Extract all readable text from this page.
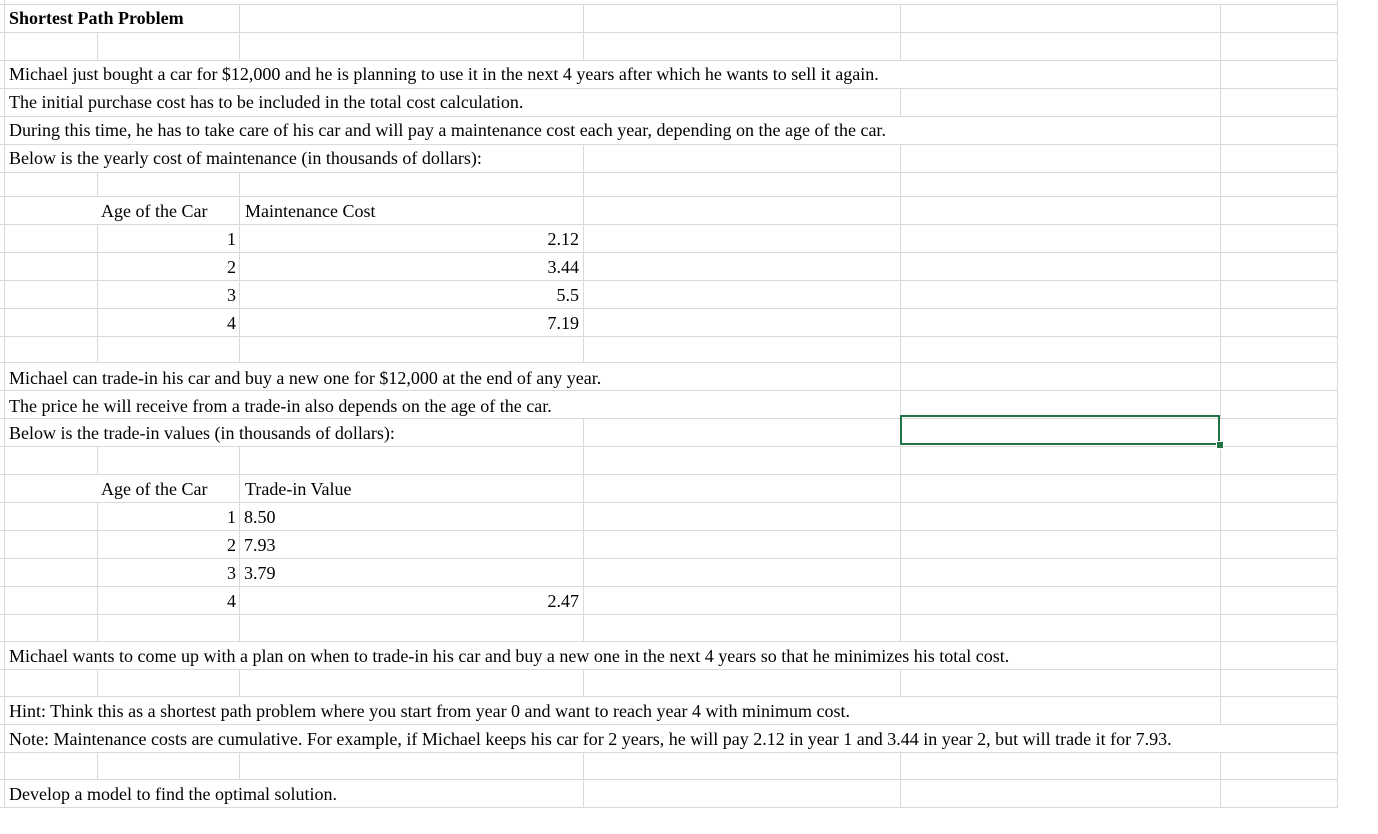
Shortest Path Problem
Michael just bought a car for $12,000 and he is planning to use it in the next 4 years after which he wants to sell it again.
The initial purchase cost has to be included in the total cost calculation.
During this time, he has to take care of his car and will pay a maintenance cost each year, depending on the age of the car.
Below is the yearly cost of maintenance (in thousands of dollars):
Age of the Car Maintenance Cost
1	2.12
2	3.44
3	5.5
4	7.19
Michael can trade-in his car and buy a new one for $12,000 at the end of any year.
The price he will receive from a trade-in also depends on the age of the car.
Below is the trade-in values (in thousands of dollars):
Age of the Car Trade-in Value
1 8.50
2 7.93
3 3.79
4	2.47
Michael wants to come up with a plan on when to trade-in his car and buy a new one in the next 4 years so that he minimizes his total cost.
Hint: Think this as a shortest path problem where you start from year 0 and want to reach year 4 with minimum cost.
Note: Maintenance costs are cumulative. For example, if Michael keeps his car for 2 years, he will pay 2.12 in year 1 and 3.44 in year 2, but will trade it for 7.93.
Develop a model to find the optimal solution.
